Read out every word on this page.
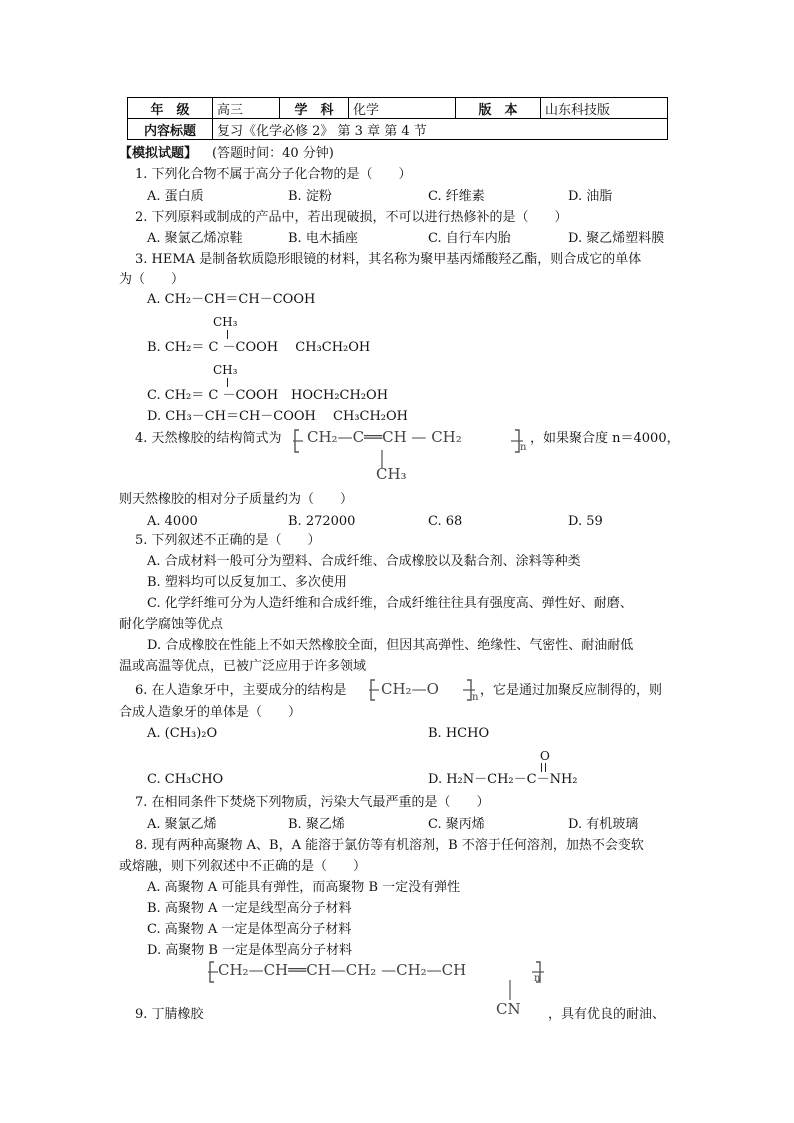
年　级	高三	学　科	化学	版　本	山东科技版
内容标题	复习《化学必修 2》 第 3 章 第 4 节				
【模拟试题】 (答题时间：40 分钟)
1. 下列化合物不属于高分子化合物的是（　　）
A. 蛋白质	B. 淀粉	C. 纤维素	D. 油脂
2. 下列原料或制成的产品中，若出现破损，不可以进行热修补的是（　　）
A. 聚氯乙烯凉鞋	B. 电木插座	C. 自行车内胎	D. 聚乙烯塑料膜
3. HEMA 是制备软质隐形眼镜的材料，其名称为聚甲基丙烯酸羟乙酯，则合成它的单体
为（　　）
A. CH₂－CH＝CH－COOH
CH₃
B. CH₂＝ C －COOH　 CH₃CH₂OH
CH₃
C. CH₂＝ C －COOH　HOCH₂CH₂OH
D. CH₃－CH＝CH－COOH　 CH₃CH₂OH
4. 天然橡胶的结构简式为 CH₂—C══CH — CH₂
n
CH₃
，如果聚合度 n＝4000，
则天然橡胶的相对分子质量约为（　　）
A. 4000	B. 272000	C. 68	D. 59
5. 下列叙述不正确的是（　　）
A. 合成材料一般可分为塑料、合成纤维、合成橡胶以及黏合剂、涂料等种类
B. 塑料均可以反复加工、多次使用
C. 化学纤维可分为人造纤维和合成纤维，合成纤维往往具有强度高、弹性好、耐磨、
耐化学腐蚀等优点
D. 合成橡胶在性能上不如天然橡胶全面，但因其高弹性、绝缘性、气密性、耐油耐低
温或高温等优点，已被广泛应用于许多领域
6. 在人造象牙中，主要成分的结构是 CH₂—O	n ，它是通过加聚反应制得的，则
合成人造象牙的单体是（　　）
A. (CH₃)₂O	B. HCHO
O
C. CH₃CHO	D. H₂N－CH₂－C－NH₂
7. 在相同条件下焚烧下列物质，污染大气最严重的是（　　）
A. 聚氯乙烯	B. 聚乙烯	C. 聚丙烯	D. 有机玻璃
8. 现有两种高聚物 A、B，A 能溶于氯仿等有机溶剂，B 不溶于任何溶剂，加热不会变软
或熔融，则下列叙述中不正确的是（　　）
A. 高聚物 A 可能具有弹性，而高聚物 B 一定没有弹性
B. 高聚物 A 一定是线型高分子材料
C. 高聚物 A 一定是体型高分子材料
D. 高聚物 B 一定是体型高分子材料
CH₂—CH══CH—CH₂ —CH₂—CH	n
CN
9. 丁腈橡胶	，具有优良的耐油、
